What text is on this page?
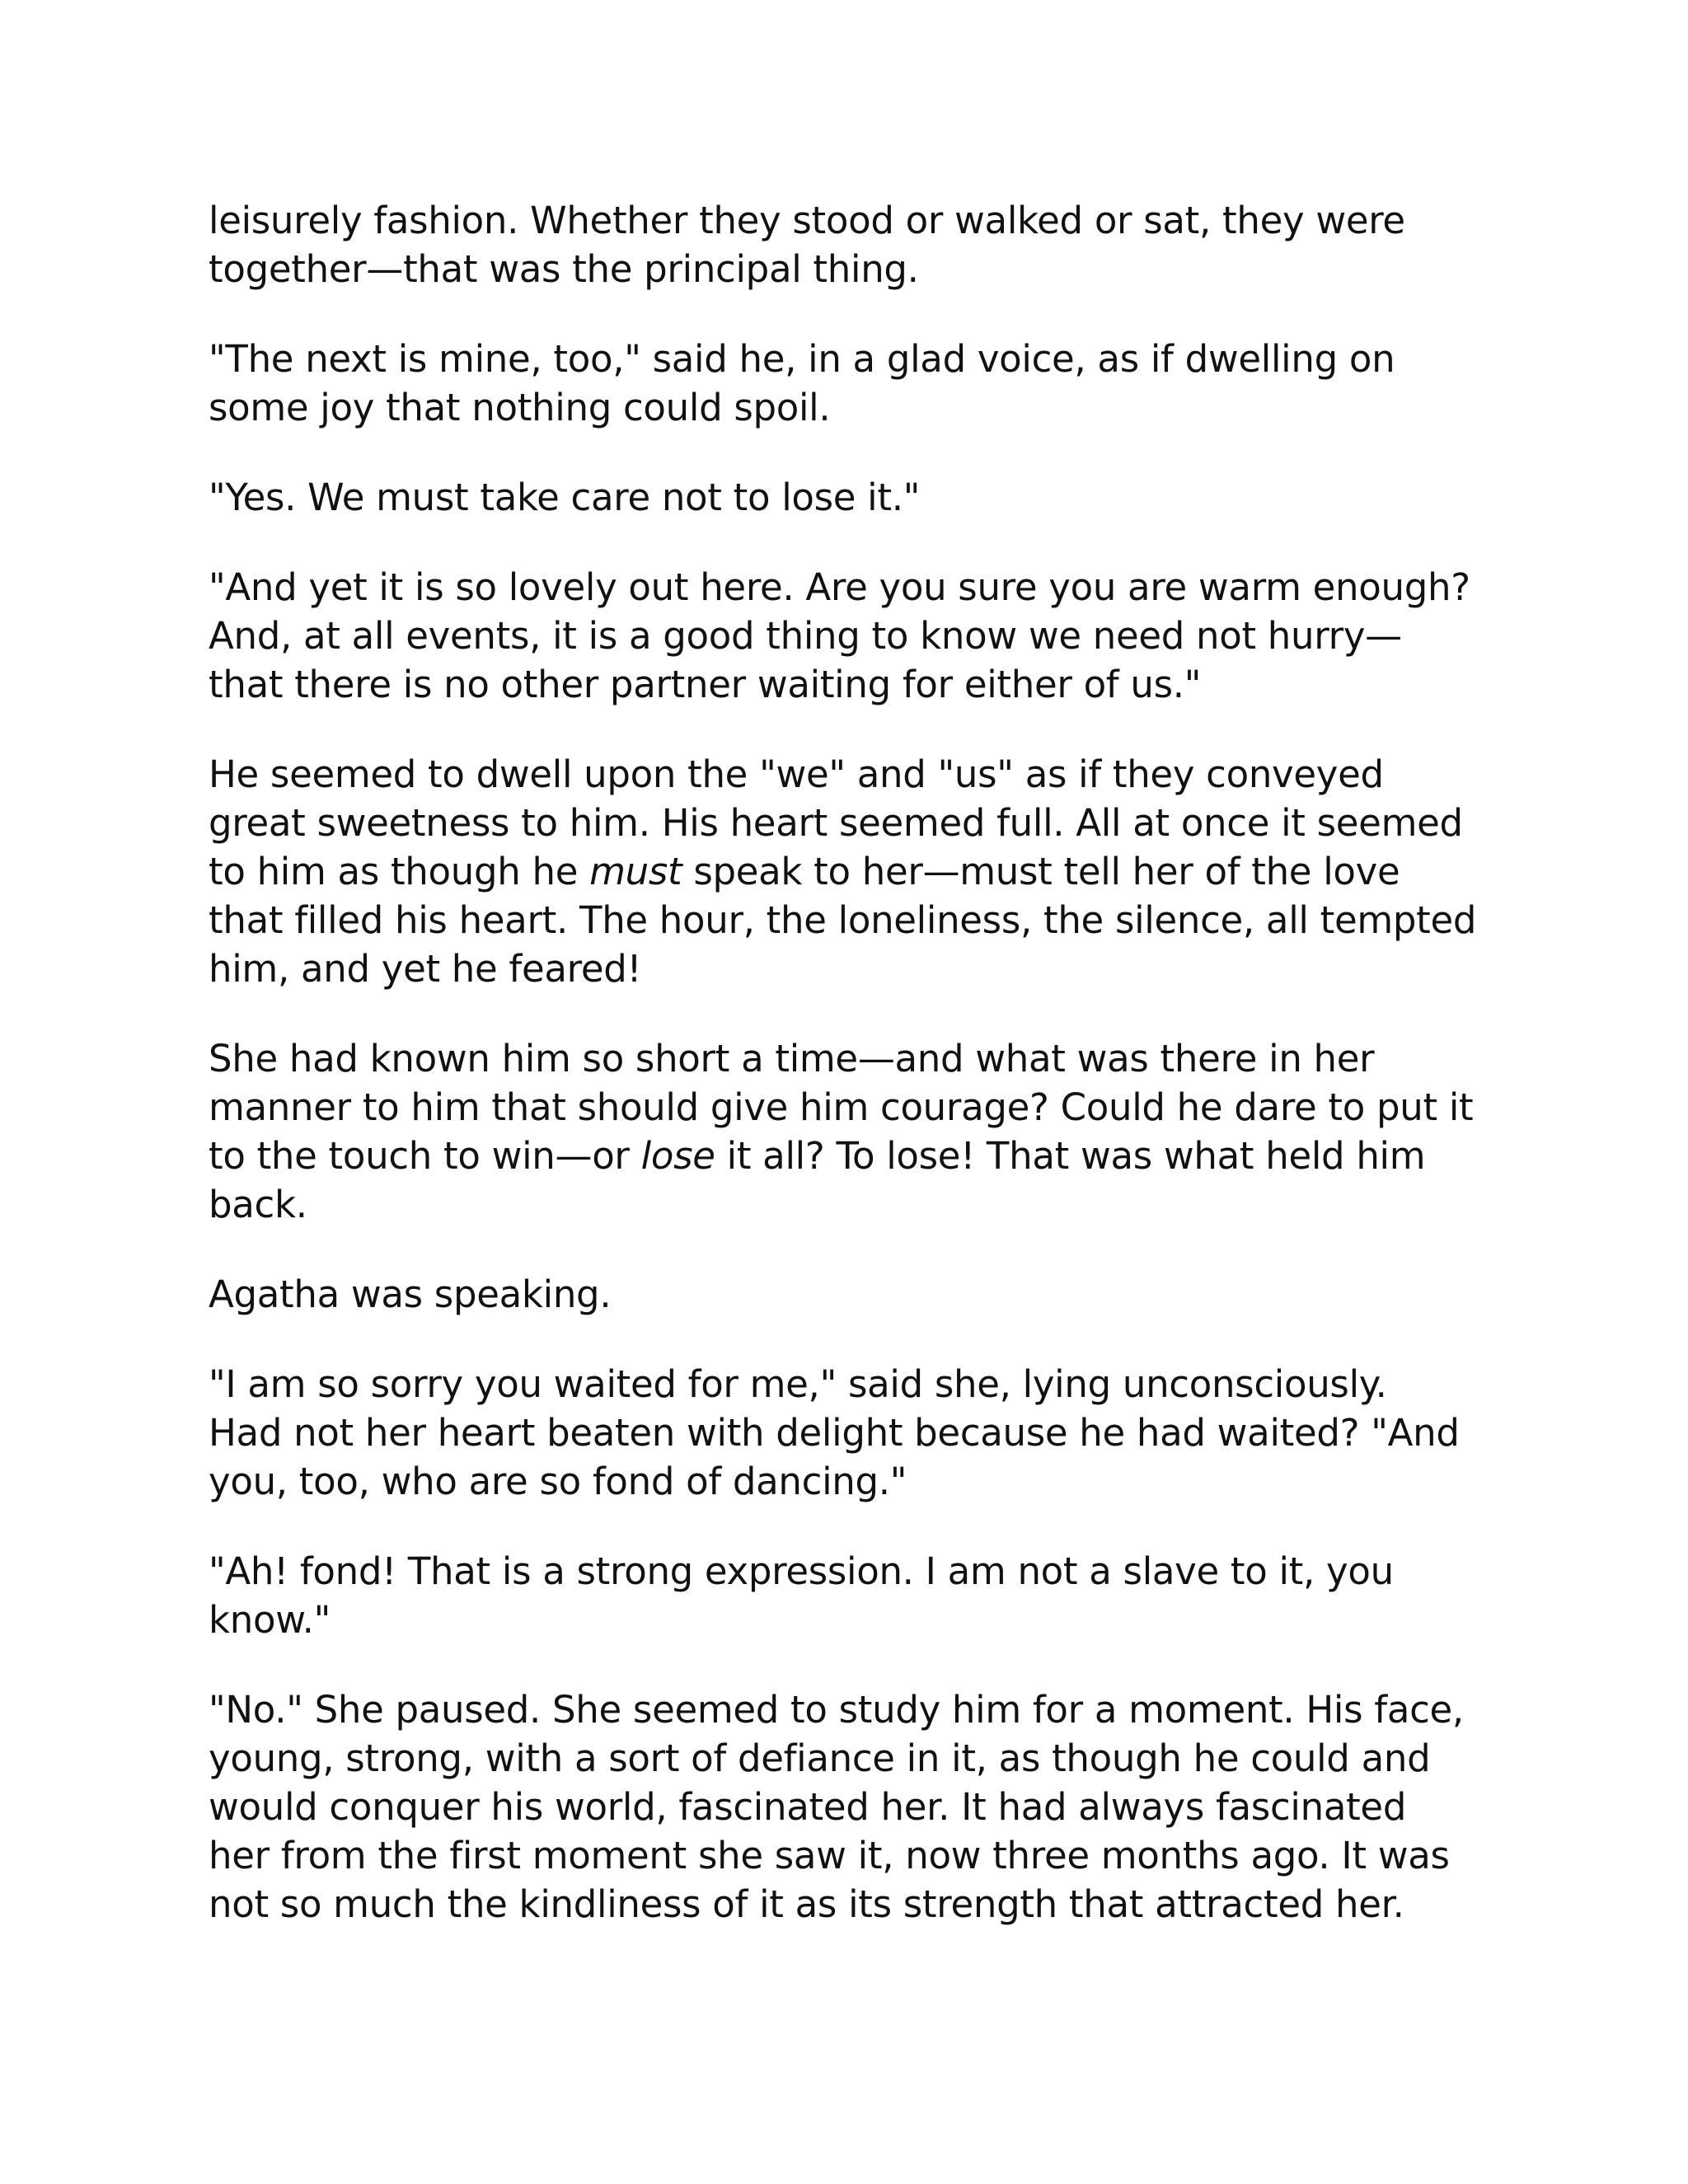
leisurely fashion. Whether they stood or walked or sat, they were
together—that was the principal thing.

"The next is mine, too," said he, in a glad voice, as if dwelling on
some joy that nothing could spoil.

"Yes. We must take care not to lose it."

"And yet it is so lovely out here. Are you sure you are warm enough?
And, at all events, it is a good thing to know we need not hurry—
that there is no other partner waiting for either of us."

He seemed to dwell upon the "we" and "us" as if they conveyed
great sweetness to him. His heart seemed full. All at once it seemed
to him as though he must speak to her—must tell her of the love
that filled his heart. The hour, the loneliness, the silence, all tempted
him, and yet he feared!

She had known him so short a time—and what was there in her
manner to him that should give him courage? Could he dare to put it
to the touch to win—or lose it all? To lose! That was what held him
back.

Agatha was speaking.

"I am so sorry you waited for me," said she, lying unconsciously.
Had not her heart beaten with delight because he had waited? "And
you, too, who are so fond of dancing."

"Ah! fond! That is a strong expression. I am not a slave to it, you
know."

"No." She paused. She seemed to study him for a moment. His face,
young, strong, with a sort of defiance in it, as though he could and
would conquer his world, fascinated her. It had always fascinated
her from the first moment she saw it, now three months ago. It was
not so much the kindliness of it as its strength that attracted her.
